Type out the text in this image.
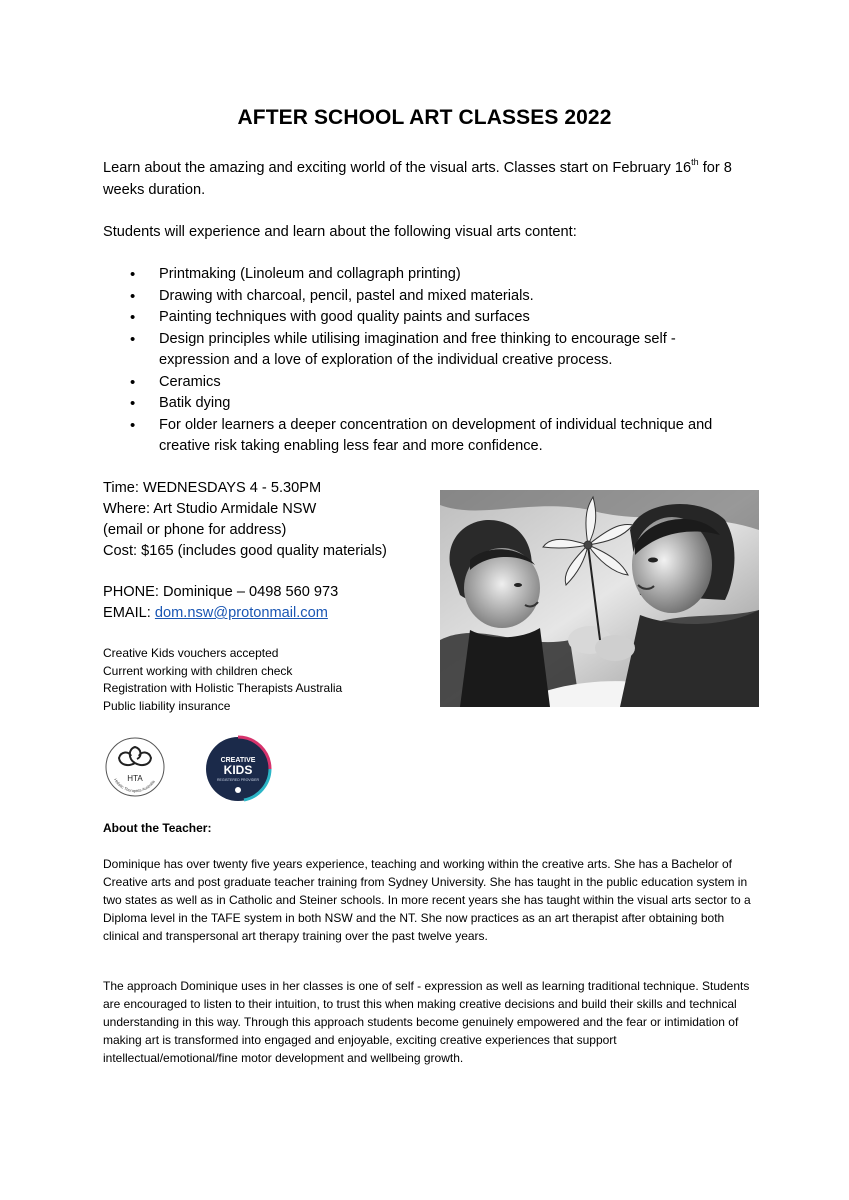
AFTER SCHOOL ART CLASSES 2022
Learn about the amazing and exciting world of the visual arts. Classes start on February 16th for 8 weeks duration.
Students will experience and learn about the following visual arts content:
• Printmaking (Linoleum and collagraph printing)
• Drawing with charcoal, pencil, pastel and mixed materials.
• Painting techniques with good quality paints and surfaces
• Design principles while utilising imagination and free thinking to encourage self - expression and a love of exploration of the individual creative process.
• Ceramics
• Batik dying
• For older learners a deeper concentration on development of individual technique and creative risk taking enabling less fear and more confidence.
Time: WEDNESDAYS 4 - 5.30PM
Where: Art Studio Armidale NSW
(email or phone for address)
Cost: $165 (includes good quality materials)
PHONE: Dominique – 0498 560 973
EMAIL: dom.nsw@protonmail.com
Creative Kids vouchers accepted
Current working with children check
Registration with Holistic Therapists Australia
Public liability insurance
HTA
Holistic Therapists Australia
CREATIVE
KIDS
REGISTERED PROVIDER
About the Teacher:
Dominique has over twenty five years experience, teaching and working within the creative arts. She has a Bachelor of Creative arts and post graduate teacher training from Sydney University. She has taught in the public education system in two states as well as in Catholic and Steiner schools. In more recent years she has taught within the visual arts sector to a Diploma level in the TAFE system in both NSW and the NT. She now practices as an art therapist after obtaining both clinical and transpersonal art therapy training over the past twelve years.
The approach Dominique uses in her classes is one of self - expression as well as learning traditional technique. Students are encouraged to listen to their intuition, to trust this when making creative decisions and build their skills and technical understanding in this way. Through this approach students become genuinely empowered and the fear or intimidation of making art is transformed into engaged and enjoyable, exciting creative experiences that support intellectual/emotional/fine motor development and wellbeing growth.
